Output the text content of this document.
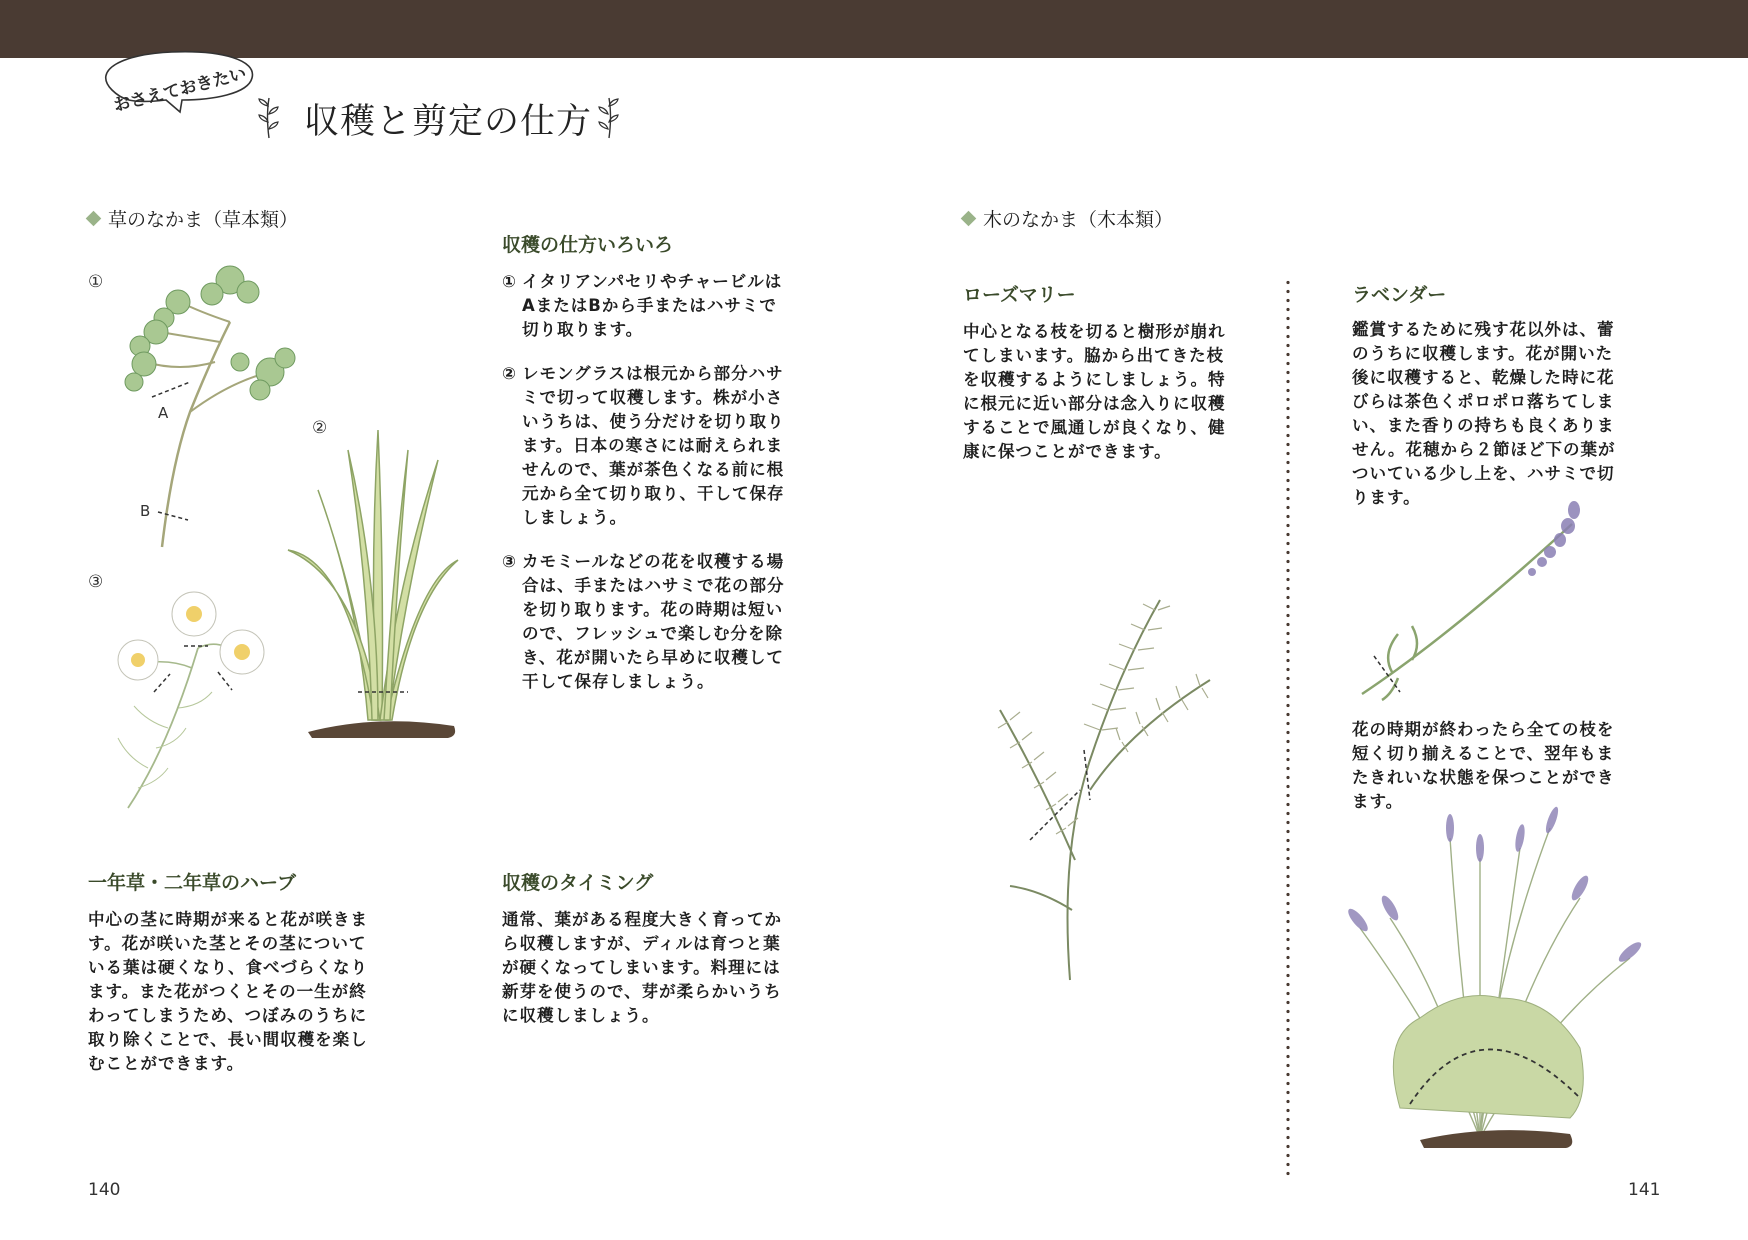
おさえておきたい
収穫と剪定の仕方
草のなかま（草本類）
①
②
③
A
B
収穫の仕方いろいろ
① イタリアンパセリやチャービルはAまたはBから手またはハサミで切り取ります。
② レモングラスは根元から部分ハサミで切って収穫します。株が小さいうちは、使う分だけを切り取ります。日本の寒さには耐えられませんので、葉が茶色くなる前に根元から全て切り取り、干して保存しましょう。
③ カモミールなどの花を収穫する場合は、手またはハサミで花の部分を切り取ります。花の時期は短いので、フレッシュで楽しむ分を除き、花が開いたら早めに収穫して干して保存しましょう。
一年草・二年草のハーブ
中心の茎に時期が来ると花が咲きます。花が咲いた茎とその茎についている葉は硬くなり、食べづらくなります。また花がつくとその一生が終わってしまうため、つぼみのうちに取り除くことで、長い間収穫を楽しむことができます。
収穫のタイミング
通常、葉がある程度大きく育ってから収穫しますが、ディルは育つと葉が硬くなってしまいます。料理には新芽を使うので、芽が柔らかいうちに収穫しましょう。
140
木のなかま（木本類）
ローズマリー
中心となる枝を切ると樹形が崩れてしまいます。脇から出てきた枝を収穫するようにしましょう。特に根元に近い部分は念入りに収穫することで風通しが良くなり、健康に保つことができます。
ラベンダー
鑑賞するために残す花以外は、蕾のうちに収穫します。花が開いた後に収穫すると、乾燥した時に花びらは茶色くポロポロ落ちてしまい、また香りの持ちも良くありません。花穂から２節ほど下の葉がついている少し上を、ハサミで切ります。
花の時期が終わったら全ての枝を短く切り揃えることで、翌年もまたきれいな状態を保つことができます。
141
